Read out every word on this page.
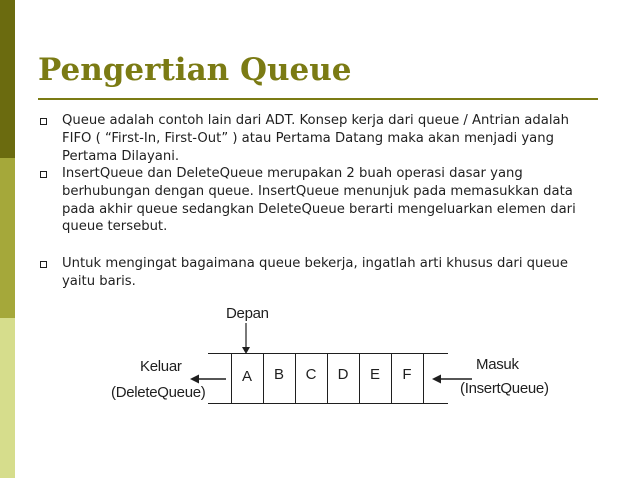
Pengertian Queue
Queue adalah contoh lain dari ADT. Konsep kerja dari queue / Antrian adalah FIFO ( “First-In, First-Out” ) atau Pertama Datang maka akan menjadi yang Pertama Dilayani.
InsertQueue dan DeleteQueue merupakan 2 buah operasi dasar yang berhubungan dengan queue. InsertQueue menunjuk pada memasukkan data pada akhir queue sedangkan DeleteQueue berarti mengeluarkan elemen dari queue tersebut.
Untuk mengingat bagaimana queue bekerja, ingatlah arti khusus dari queue yaitu baris.
Depan
A	B	C	D	E	F
Keluar
(DeleteQueue)
Masuk
(InsertQueue)
